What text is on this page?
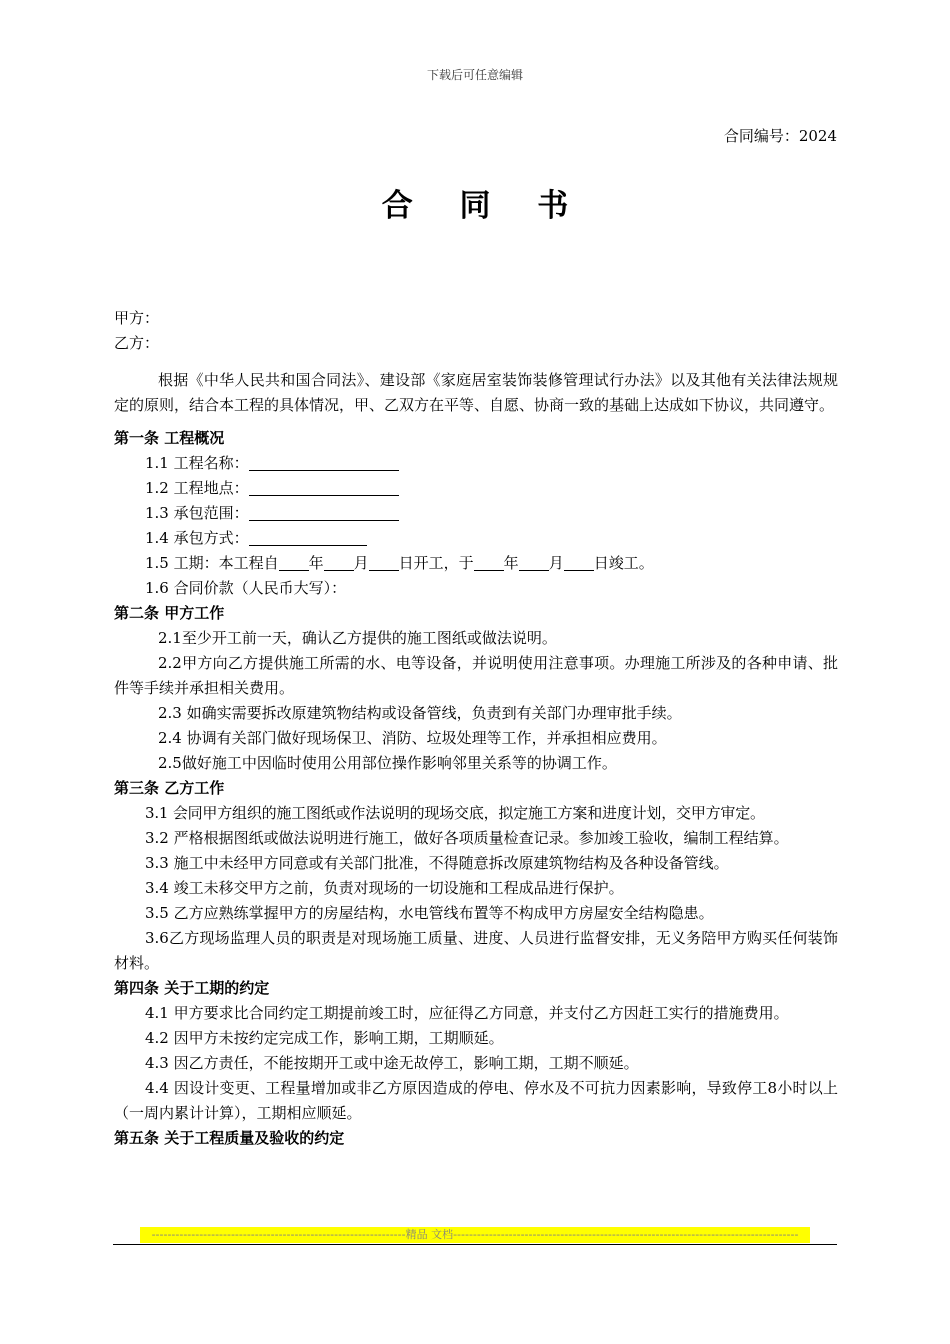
下载后可任意编辑
合同编号：2024
合 同 书
甲方：
乙方：
根据《中华人民共和国合同法》、建设部《家庭居室装饰装修管理试行办法》以及其他有关法律法规规定的原则，结合本工程的具体情况，甲、乙双方在平等、自愿、协商一致的基础上达成如下协议，共同遵守。
第一条 工程概况
1.1 工程名称：
1.2 工程地点：
1.3 承包范围：
1.4 承包方式：
1.5 工期：本工程自 年 月 日开工，于 年 月 日竣工。
1.6 合同价款（人民币大写）：
第二条 甲方工作
2.1至少开工前一天，确认乙方提供的施工图纸或做法说明。
2.2甲方向乙方提供施工所需的水、电等设备，并说明使用注意事项。办理施工所涉及的各种申请、批件等手续并承担相关费用。
2.3 如确实需要拆改原建筑物结构或设备管线，负责到有关部门办理审批手续。
2.4 协调有关部门做好现场保卫、消防、垃圾处理等工作，并承担相应费用。
2.5做好施工中因临时使用公用部位操作影响邻里关系等的协调工作。
第三条 乙方工作
3.1 会同甲方组织的施工图纸或作法说明的现场交底，拟定施工方案和进度计划，交甲方审定。
3.2 严格根据图纸或做法说明进行施工，做好各项质量检查记录。参加竣工验收，编制工程结算。
3.3 施工中未经甲方同意或有关部门批准，不得随意拆改原建筑物结构及各种设备管线。
3.4 竣工未移交甲方之前，负责对现场的一切设施和工程成品进行保护。
3.5 乙方应熟练掌握甲方的房屋结构，水电管线布置等不构成甲方房屋安全结构隐患。
3.6乙方现场监理人员的职责是对现场施工质量、进度、人员进行监督安排，无义务陪甲方购买任何装饰材料。
第四条 关于工期的约定
4.1 甲方要求比合同约定工期提前竣工时，应征得乙方同意，并支付乙方因赶工实行的措施费用。
4.2 因甲方未按约定完成工作，影响工期，工期顺延。
4.3 因乙方责任，不能按期开工或中途无故停工，影响工期，工期不顺延。
4.4 因设计变更、工程量增加或非乙方原因造成的停电、停水及不可抗力因素影响，导致停工8小时以上（一周内累计计算），工期相应顺延。
第五条 关于工程质量及验收的约定
----------------------------------------------------------------精品 文档---------------------------------------------------------------------------------------
